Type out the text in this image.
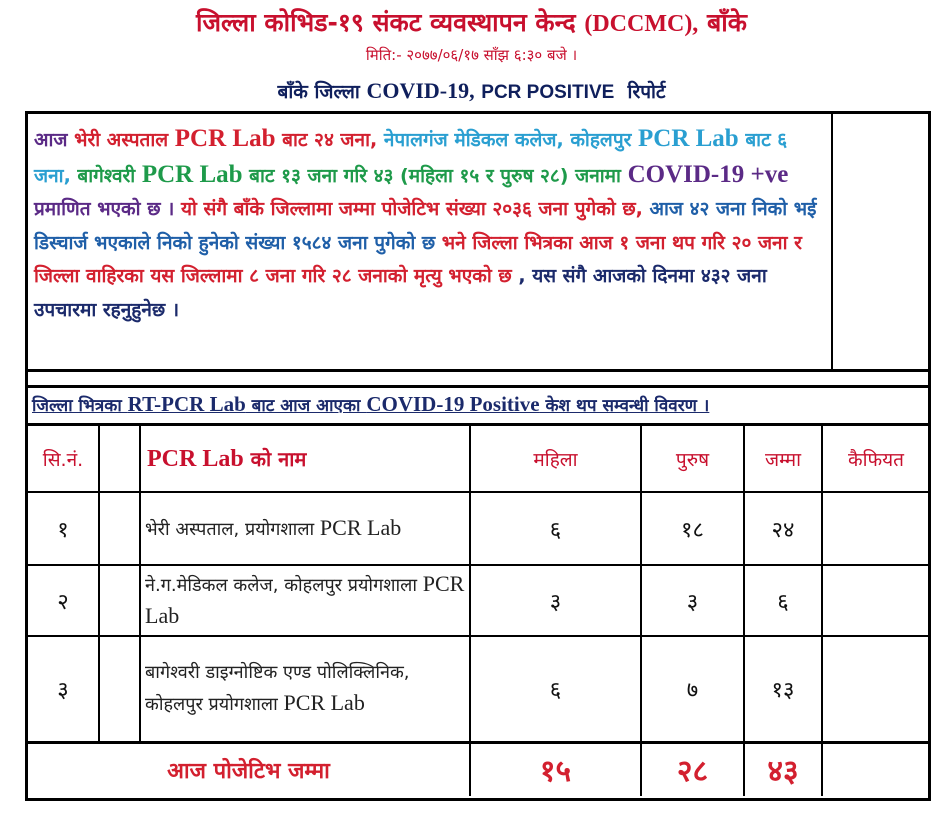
जिल्ला कोभिड-१९ संकट व्यवस्थापन केन्द (DCCMC), बाँके
मिति:- २०७७/०६/१७ साँझ ६:३० बजे ।
बाँके जिल्ला COVID-19, PCR POSITIVE रिपोर्ट
आज भेरी अस्पताल PCR Lab बाट २४ जना, नेपालगंज मेडिकल कलेज, कोहलपुर PCR Lab बाट ६ जना, बागेश्वरी PCR Lab बाट १३ जना गरि ४३ (महिला १५ र पुरुष २८) जनामा COVID-19 +ve प्रमाणित भएको छ । यो संगै बाँके जिल्लामा जम्मा पोजेटिभ संख्या २०३६ जना पुगेको छ, आज ४२ जना निको भई डिस्चार्ज भएकाले निको हुनेको संख्या १५८४ जना पुगेको छ भने जिल्ला भित्रका आज १ जना थप गरि २० जना र जिल्ला वाहिरका यस जिल्लामा ८ जना गरि २८ जनाको मृत्यु भएको छ , यस संगै आजको दिनमा ४३२ जना उपचारमा रहनुहुनेछ ।
जिल्ला भित्रका RT-PCR Lab बाट आज आएका COVID-19 Positive केश थप सम्वन्धी विवरण ।
सि.नं.		PCR Lab को नाम	महिला	पुरुष	जम्मा	कैफियत
१		भेरी अस्पताल, प्रयोगशाला PCR Lab	६	१८	२४	
२		ने.ग.मेडिकल कलेज, कोहलपुर प्रयोगशाला PCR Lab	३	३	६	
३		बागेश्वरी डाइग्नोष्टिक एण्ड पोलिक्लिनिक, कोहलपुर प्रयोगशाला PCR Lab	६	७	१३	
आज पोजेटिभ जम्मा			१५	२८	४३	
